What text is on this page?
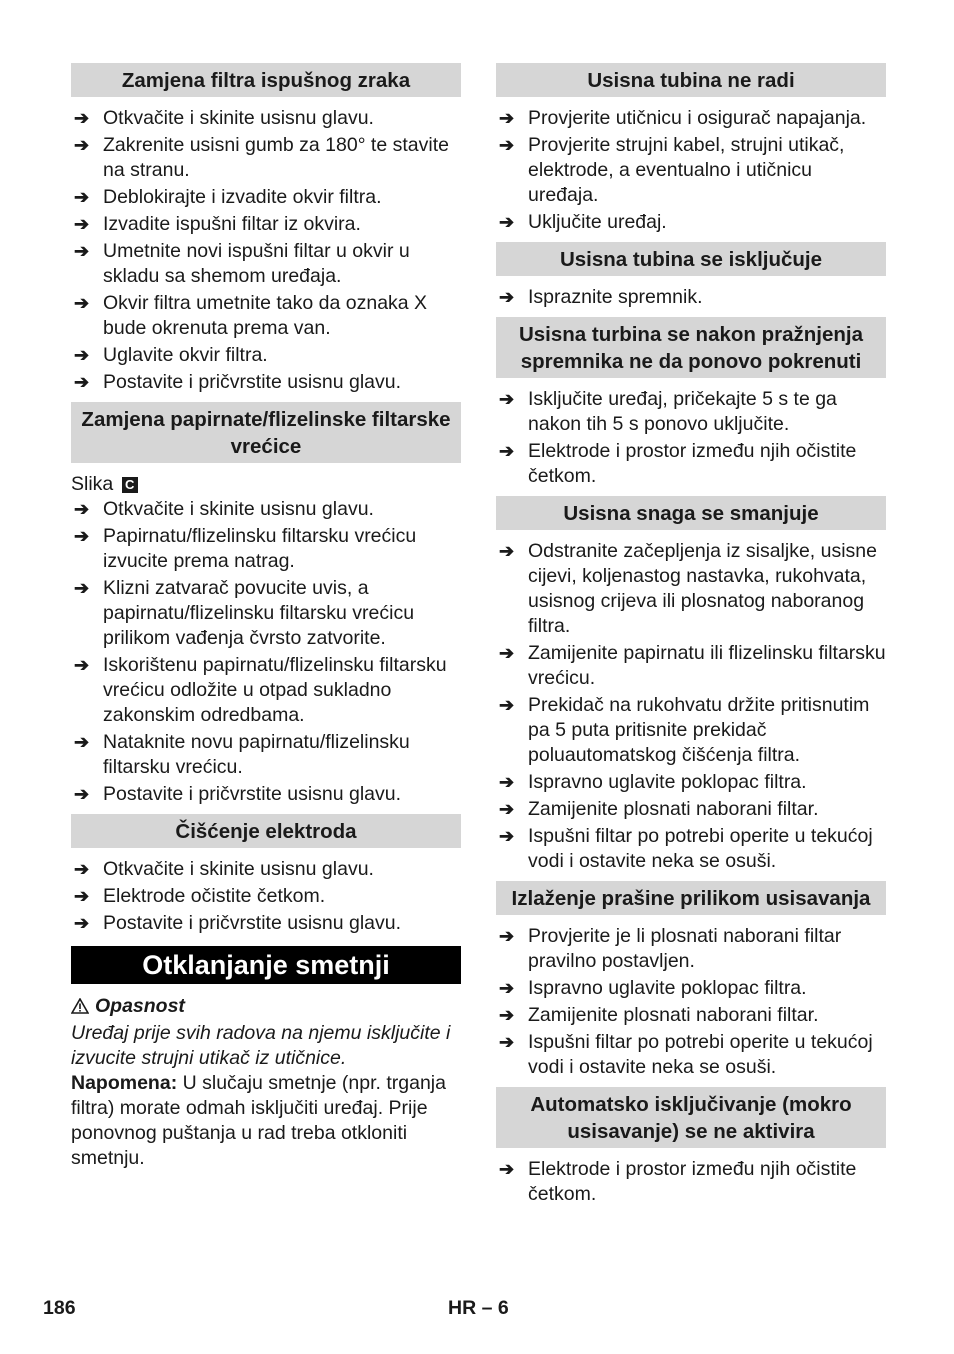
Zamjena filtra ispušnog zraka
➔ Otkvačite i skinite usisnu glavu.
➔ Zakrenite usisni gumb za 180° te stavite na stranu.
➔ Deblokirajte i izvadite okvir filtra.
➔ Izvadite ispušni filtar iz okvira.
➔ Umetnite novi ispušni filtar u okvir u skladu sa shemom uređaja.
➔ Okvir filtra umetnite tako da oznaka X bude okrenuta prema van.
➔ Uglavite okvir filtra.
➔ Postavite i pričvrstite usisnu glavu.
Zamjena papirnate/flizelinske filtarske vrećice
Slika C
➔ Otkvačite i skinite usisnu glavu.
➔ Papirnatu/flizelinsku filtarsku vrećicu izvucite prema natrag.
➔ Klizni zatvarač povucite uvis, a papirnatu/flizelinsku filtarsku vrećicu prilikom vađenja čvrsto zatvorite.
➔ Iskorištenu papirnatu/flizelinsku filtarsku vrećicu odložite u otpad sukladno zakonskim odredbama.
➔ Nataknite novu papirnatu/flizelinsku filtarsku vrećicu.
➔ Postavite i pričvrstite usisnu glavu.
Čišćenje elektroda
➔ Otkvačite i skinite usisnu glavu.
➔ Elektrode očistite četkom.
➔ Postavite i pričvrstite usisnu glavu.
Otklanjanje smetnji
Opasnost
Uređaj prije svih radova na njemu isključite i izvucite strujni utikač iz utičnice.
Napomena: U slučaju smetnje (npr. trganja filtra) morate odmah isključiti uređaj. Prije ponovnog puštanja u rad treba otkloniti smetnju.
Usisna tubina ne radi
➔ Provjerite utičnicu i osigurač napajanja.
➔ Provjerite strujni kabel, strujni utikač, elektrode, a eventualno i utičnicu uređaja.
➔ Uključite uređaj.
Usisna tubina se isključuje
➔ Ispraznite spremnik.
Usisna turbina se nakon pražnjenja spremnika ne da ponovo pokrenuti
➔ Isključite uređaj, pričekajte 5 s te ga nakon tih 5 s ponovo uključite.
➔ Elektrode i prostor između njih očistite četkom.
Usisna snaga se smanjuje
➔ Odstranite začepljenja iz sisaljke, usisne cijevi, koljenastog nastavka, rukohvata, usisnog crijeva ili plosnatog naboranog filtra.
➔ Zamijenite papirnatu ili flizelinsku filtarsku vrećicu.
➔ Prekidač na rukohvatu držite pritisnutim pa 5 puta pritisnite prekidač poluautomatskog čišćenja filtra.
➔ Ispravno uglavite poklopac filtra.
➔ Zamijenite plosnati naborani filtar.
➔ Ispušni filtar po potrebi operite u tekućoj vodi i ostavite neka se osuši.
Izlaženje prašine prilikom usisavanja
➔ Provjerite je li plosnati naborani filtar pravilno postavljen.
➔ Ispravno uglavite poklopac filtra.
➔ Zamijenite plosnati naborani filtar.
➔ Ispušni filtar po potrebi operite u tekućoj vodi i ostavite neka se osuši.
Automatsko isključivanje (mokro usisavanje) se ne aktivira
➔ Elektrode i prostor između njih očistite četkom.
186	HR – 6
